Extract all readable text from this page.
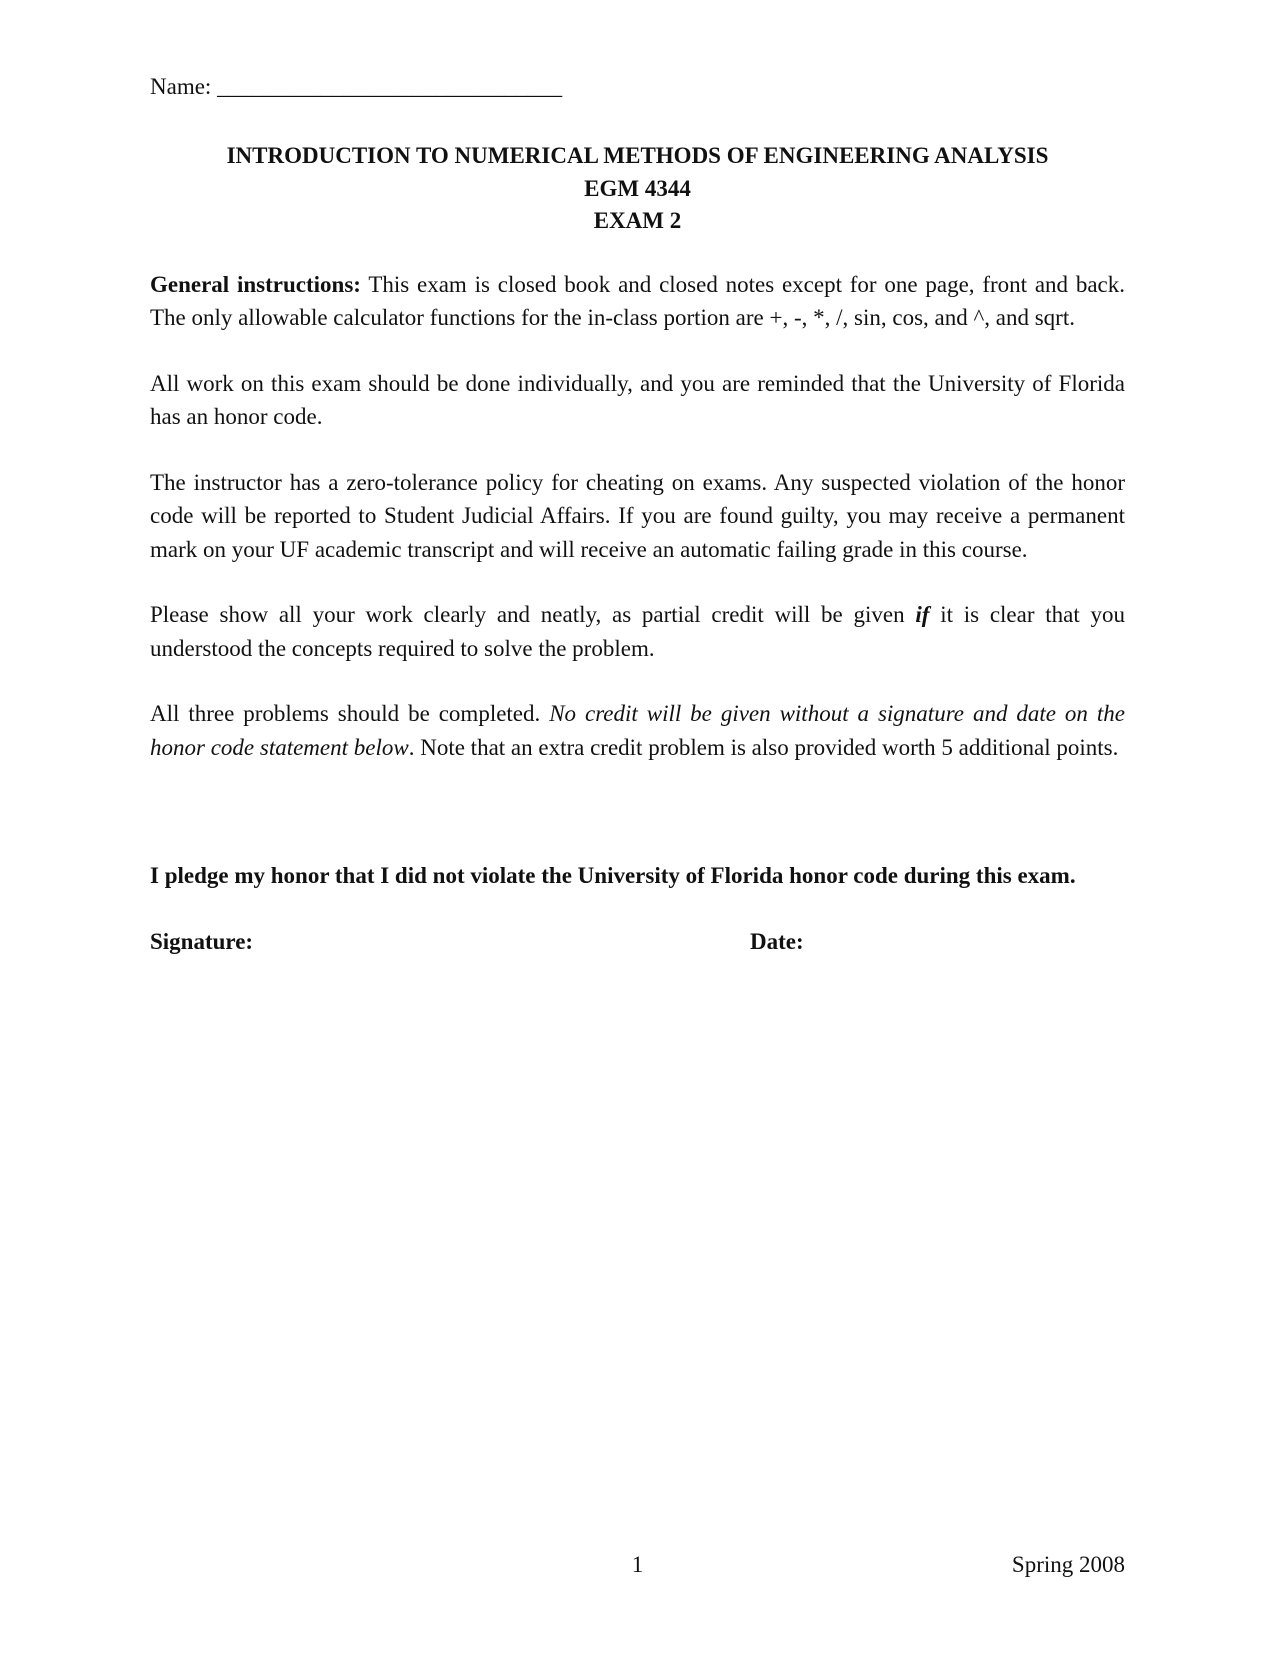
Name: ______________________________
INTRODUCTION TO NUMERICAL METHODS OF ENGINEERING ANALYSIS
EGM 4344
EXAM 2

General instructions: This exam is closed book and closed notes except for one page, front and back. The only allowable calculator functions for the in-class portion are +, -, *, /, sin, cos, and ^, and sqrt.

All work on this exam should be done individually, and you are reminded that the University of Florida has an honor code.

The instructor has a zero-tolerance policy for cheating on exams. Any suspected violation of the honor code will be reported to Student Judicial Affairs. If you are found guilty, you may receive a permanent mark on your UF academic transcript and will receive an automatic failing grade in this course.

Please show all your work clearly and neatly, as partial credit will be given if it is clear that you understood the concepts required to solve the problem.

All three problems should be completed. No credit will be given without a signature and date on the honor code statement below. Note that an extra credit problem is also provided worth 5 additional points.

I pledge my honor that I did not violate the University of Florida honor code during this exam.

Signature:	Date:
1	Spring 2008
